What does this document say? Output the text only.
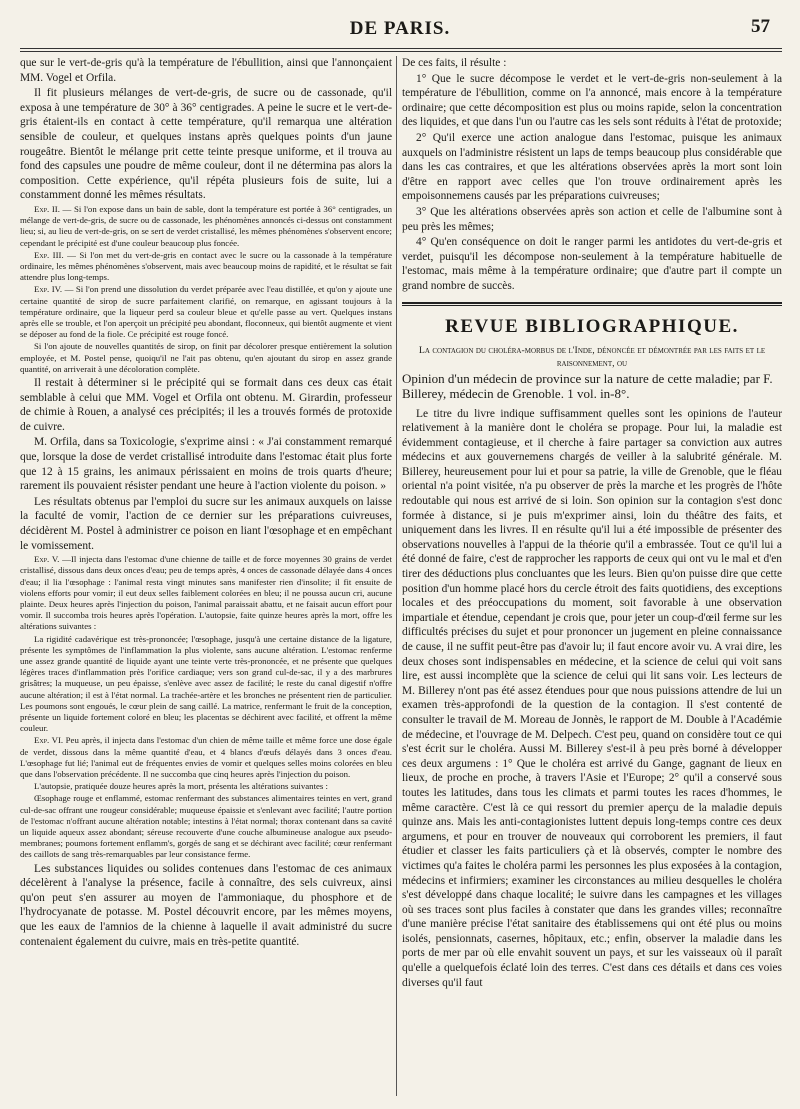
DE PARIS.	57

que sur le vert-de-gris qu'à la température de l'ébullition, ainsi que l'annonçaient MM. Vogel et Orfila.

Il fit plusieurs mélanges de vert-de-gris, de sucre ou de cassonade, qu'il exposa à une température de 30° à 36° centigrades. A peine le sucre et le vert-de-gris étaient-ils en contact à cette température, qu'il remarqua une altération sensible de couleur, et quelques instans après quelques points d'un jaune rougeâtre. Bientôt le mélange prit cette teinte presque uniforme, et il trouva au fond des capsules une poudre de même couleur, dont il ne détermina pas alors la composition. Cette expérience, qu'il répéta plusieurs fois de suite, lui a constamment donné les mêmes résultats.

Exp. II. — Si l'on expose dans un bain de sable, dont la température est portée à 36° centigrades, un mélange de vert-de-gris, de sucre ou de cassonade, les phénomènes annoncés ci-dessus ont constamment lieu; si, au lieu de vert-de-gris, on se sert de verdet cristallisé, les mêmes phénomènes s'observent encore; cependant le précipité est d'une couleur beaucoup plus foncée.

Exp. III. — Si l'on met du vert-de-gris en contact avec le sucre ou la cassonade à la température ordinaire, les mêmes phénomènes s'observent, mais avec beaucoup moins de rapidité, et le résultat se fait attendre plus long-temps.

Exp. IV. — Si l'on prend une dissolution du verdet préparée avec l'eau distillée, et qu'on y ajoute une certaine quantité de sirop de sucre parfaitement clarifié, on remarque, en agissant toujours à la température ordinaire, que la liqueur perd sa couleur bleue et qu'elle passe au vert. Quelques instans après elle se trouble, et l'on aperçoit un précipité peu abondant, floconneux, qui bientôt augmente et vient se déposer au fond de la fiole. Ce précipité est rouge foncé.

Si l'on ajoute de nouvelles quantités de sirop, on finit par décolorer presque entièrement la solution employée, et M. Postel pense, quoiqu'il ne l'ait pas obtenu, qu'en ajoutant du sirop en assez grande quantité, on arriverait à une décoloration complète.

Il restait à déterminer si le précipité qui se formait dans ces deux cas était semblable à celui que MM. Vogel et Orfila ont obtenu. M. Girardin, professeur de chimie à Rouen, a analysé ces précipités; il les a trouvés formés de protoxide de cuivre.

M. Orfila, dans sa Toxicologie, s'exprime ainsi : « J'ai constamment remarqué que, lorsque la dose de verdet cristallisé introduite dans l'estomac était plus forte que 12 à 15 grains, les animaux périssaient en moins de trois quarts d'heure; rarement ils pouvaient résister pendant une heure à l'action violente du poison. »

Les résultats obtenus par l'emploi du sucre sur les animaux auxquels on laisse la faculté de vomir, l'action de ce dernier sur les préparations cuivreuses, décidèrent M. Postel à administrer ce poison en liant l'œsophage et en empêchant le vomissement.

Exp. V. —Il injecta dans l'estomac d'une chienne de taille et de force moyennes 30 grains de verdet cristallisé, dissous dans deux onces d'eau; peu de temps après, 4 onces de cassonade délayée dans 4 onces d'eau; il lia l'œsophage : l'animal resta vingt minutes sans manifester rien d'insolite; il fit ensuite de violens efforts pour vomir; il eut deux selles faiblement colorées en bleu; il ne poussa aucun cri, aucune plainte. Deux heures après l'injection du poison, l'animal paraissait abattu, et ne faisait aucun effort pour vomir. Il succomba trois heures après l'opération. L'autopsie, faite quinze heures après la mort, offre les altérations suivantes :

La rigidité cadavérique est très-prononcée; l'œsophage, jusqu'à une certaine distance de la ligature, présente les symptômes de l'inflammation la plus violente, sans aucune altération. L'estomac renferme une assez grande quantité de liquide ayant une teinte verte très-prononcée, et ne présente que quelques légères traces d'inflammation près l'orifice cardiaque; vers son grand cul-de-sac, il y a des marbrures grisâtres; la muqueuse, un peu épaisse, s'enlève avec assez de facilité; le reste du canal digestif n'offre aucune altération; il est à l'état normal. La trachée-artère et les bronches ne présentent rien de particulier. Les poumons sont engoués, le cœur plein de sang caillé. La matrice, renfermant le fruit de la conception, présente un liquide fortement coloré en bleu; les placentas se déchirent avec facilité, et offrent la même couleur.

Exp. VI. Peu après, il injecta dans l'estomac d'un chien de même taille et même force une dose égale de verdet, dissous dans la même quantité d'eau, et 4 blancs d'œufs délayés dans 3 onces d'eau. L'œsophage fut lié; l'animal eut de fréquentes envies de vomir et quelques selles moins colorées en bleu que dans l'observation précédente. Il ne succomba que cinq heures après l'injection du poison.

L'autopsie, pratiquée douze heures après la mort, présenta les altérations suivantes :

Œsophage rouge et enflammé, estomac renfermant des substances alimentaires teintes en vert, grand cul-de-sac offrant une rougeur considérable; muqueuse épaissie et s'enlevant avec facilité; l'autre portion de l'estomac n'offrant aucune altération notable; intestins à l'état normal; thorax contenant dans sa cavité un liquide aqueux assez abondant; séreuse recouverte d'une couche albumineuse analogue aux pseudo-membranes; poumons fortement enflamm's, gorgés de sang et se déchirant avec facilité; cœur renfermant des caillots de sang très-remarquables par leur consistance ferme.

Les substances liquides ou solides contenues dans l'estomac de ces animaux décelèrent à l'analyse la présence, facile à connaître, des sels cuivreux, ainsi qu'on peut s'en assurer au moyen de l'ammoniaque, du phosphore et de l'hydrocyanate de potasse. M. Postel découvrit encore, par les mêmes moyens, que les eaux de l'amnios de la chienne à laquelle il avait administré du sucre contenaient également du cuivre, mais en très-petite quantité.

De ces faits, il résulte :

1° Que le sucre décompose le verdet et le vert-de-gris non-seulement à la température de l'ébullition, comme on l'a annoncé, mais encore à la température ordinaire; que cette décomposition est plus ou moins rapide, selon la concentration des liquides, et que dans l'un ou l'autre cas les sels sont réduits à l'état de protoxide;

2° Qu'il exerce une action analogue dans l'estomac, puisque les animaux auxquels on l'administre résistent un laps de temps beaucoup plus considérable que dans les cas contraires, et que les altérations observées après la mort sont loin d'être en rapport avec celles que l'on trouve ordinairement après les empoisonnemens causés par les préparations cuivreuses;

3° Que les altérations observées après son action et celle de l'albumine sont à peu près les mêmes;

4° Qu'en conséquence on doit le ranger parmi les antidotes du vert-de-gris et verdet, puisqu'il les décompose non-seulement à la température habituelle de l'estomac, mais même à la température ordinaire; que d'autre part il compte un grand nombre de succès.

REVUE BIBLIOGRAPHIQUE.
La contagion du choléra-morbus de l'Inde, dénoncée et démontrée par les faits et le raisonnement, ou
Opinion d'un médecin de province sur la nature de cette maladie; par F. Billerey, médecin de Grenoble. 1 vol. in-8°.

Le titre du livre indique suffisamment quelles sont les opinions de l'auteur relativement à la manière dont le choléra se propage. Pour lui, la maladie est évidemment contagieuse, et il cherche à faire partager sa conviction aux autres médecins et aux gouvernemens chargés de veiller à la salubrité générale. M. Billerey, heureusement pour lui et pour sa patrie, la ville de Grenoble, que le fléau oriental n'a point visitée, n'a pu observer de près la marche et les progrès de l'hôte redoutable qui nous est arrivé de si loin. Son opinion sur la contagion s'est donc formée à distance, si je puis m'exprimer ainsi, loin du théâtre des faits, et uniquement dans les livres. Il en résulte qu'il lui a été impossible de présenter des observations nouvelles à l'appui de la théorie qu'il a embrassée. Tout ce qu'il lui a été donné de faire, c'est de rapprocher les rapports de ceux qui ont vu le mal et d'en tirer des déductions plus concluantes que les leurs. Bien qu'on puisse dire que cette position d'un homme placé hors du cercle étroit des faits quotidiens, des exceptions locales et des préoccupations du moment, soit favorable à une observation impartiale et étendue, cependant je crois que, pour jeter un coup-d'œil ferme sur les difficultés précises du sujet et pour prononcer un jugement en pleine connaissance de cause, il ne suffit peut-être pas d'avoir lu; il faut encore avoir vu. A vrai dire, les deux choses sont indispensables en médecine, et la science de celui qui voit sans lire, est aussi incomplète que la science de celui qui lit sans voir. Les lecteurs de M. Billerey n'ont pas été assez étendues pour que nous puissions attendre de lui un examen très-approfondi de la question de la contagion. Il s'est contenté de consulter le travail de M. Moreau de Jonnès, le rapport de M. Double à l'Académie de médecine, et l'ouvrage de M. Delpech. C'est peu, quand on considère tout ce qui s'est écrit sur le choléra. Aussi M. Billerey s'est-il à peu près borné à développer ces deux argumens : 1° Que le choléra est arrivé du Gange, gagnant de lieux en lieux, de proche en proche, à travers l'Asie et l'Europe; 2° qu'il a conservé sous toutes les latitudes, dans tous les climats et parmi toutes les races d'hommes, le même caractère. C'est là ce qui ressort du premier aperçu de la maladie depuis quinze ans. Mais les anti-contagionistes luttent depuis long-temps contre ces deux argumens, et pour en trouver de nouveaux qui corroborent les premiers, il faut étudier et classer les faits particuliers çà et là observés, compter le nombre des victimes qu'a faites le choléra parmi les personnes les plus exposées à la contagion, médecins et infirmiers; examiner les circonstances au milieu desquelles le choléra s'est développé dans chaque localité; le suivre dans les campagnes et les villages où ses traces sont plus faciles à constater que dans les grandes villes; reconnaître d'une manière précise l'état sanitaire des établissemens qui ont été plus ou moins isolés, pensionnats, casernes, hôpitaux, etc.; enfin, observer la maladie dans les ports de mer par où elle envahit souvent un pays, et sur les vaisseaux où il paraît qu'elle a quelquefois éclaté loin des terres. C'est dans ces détails et dans ces voies diverses qu'il faut
